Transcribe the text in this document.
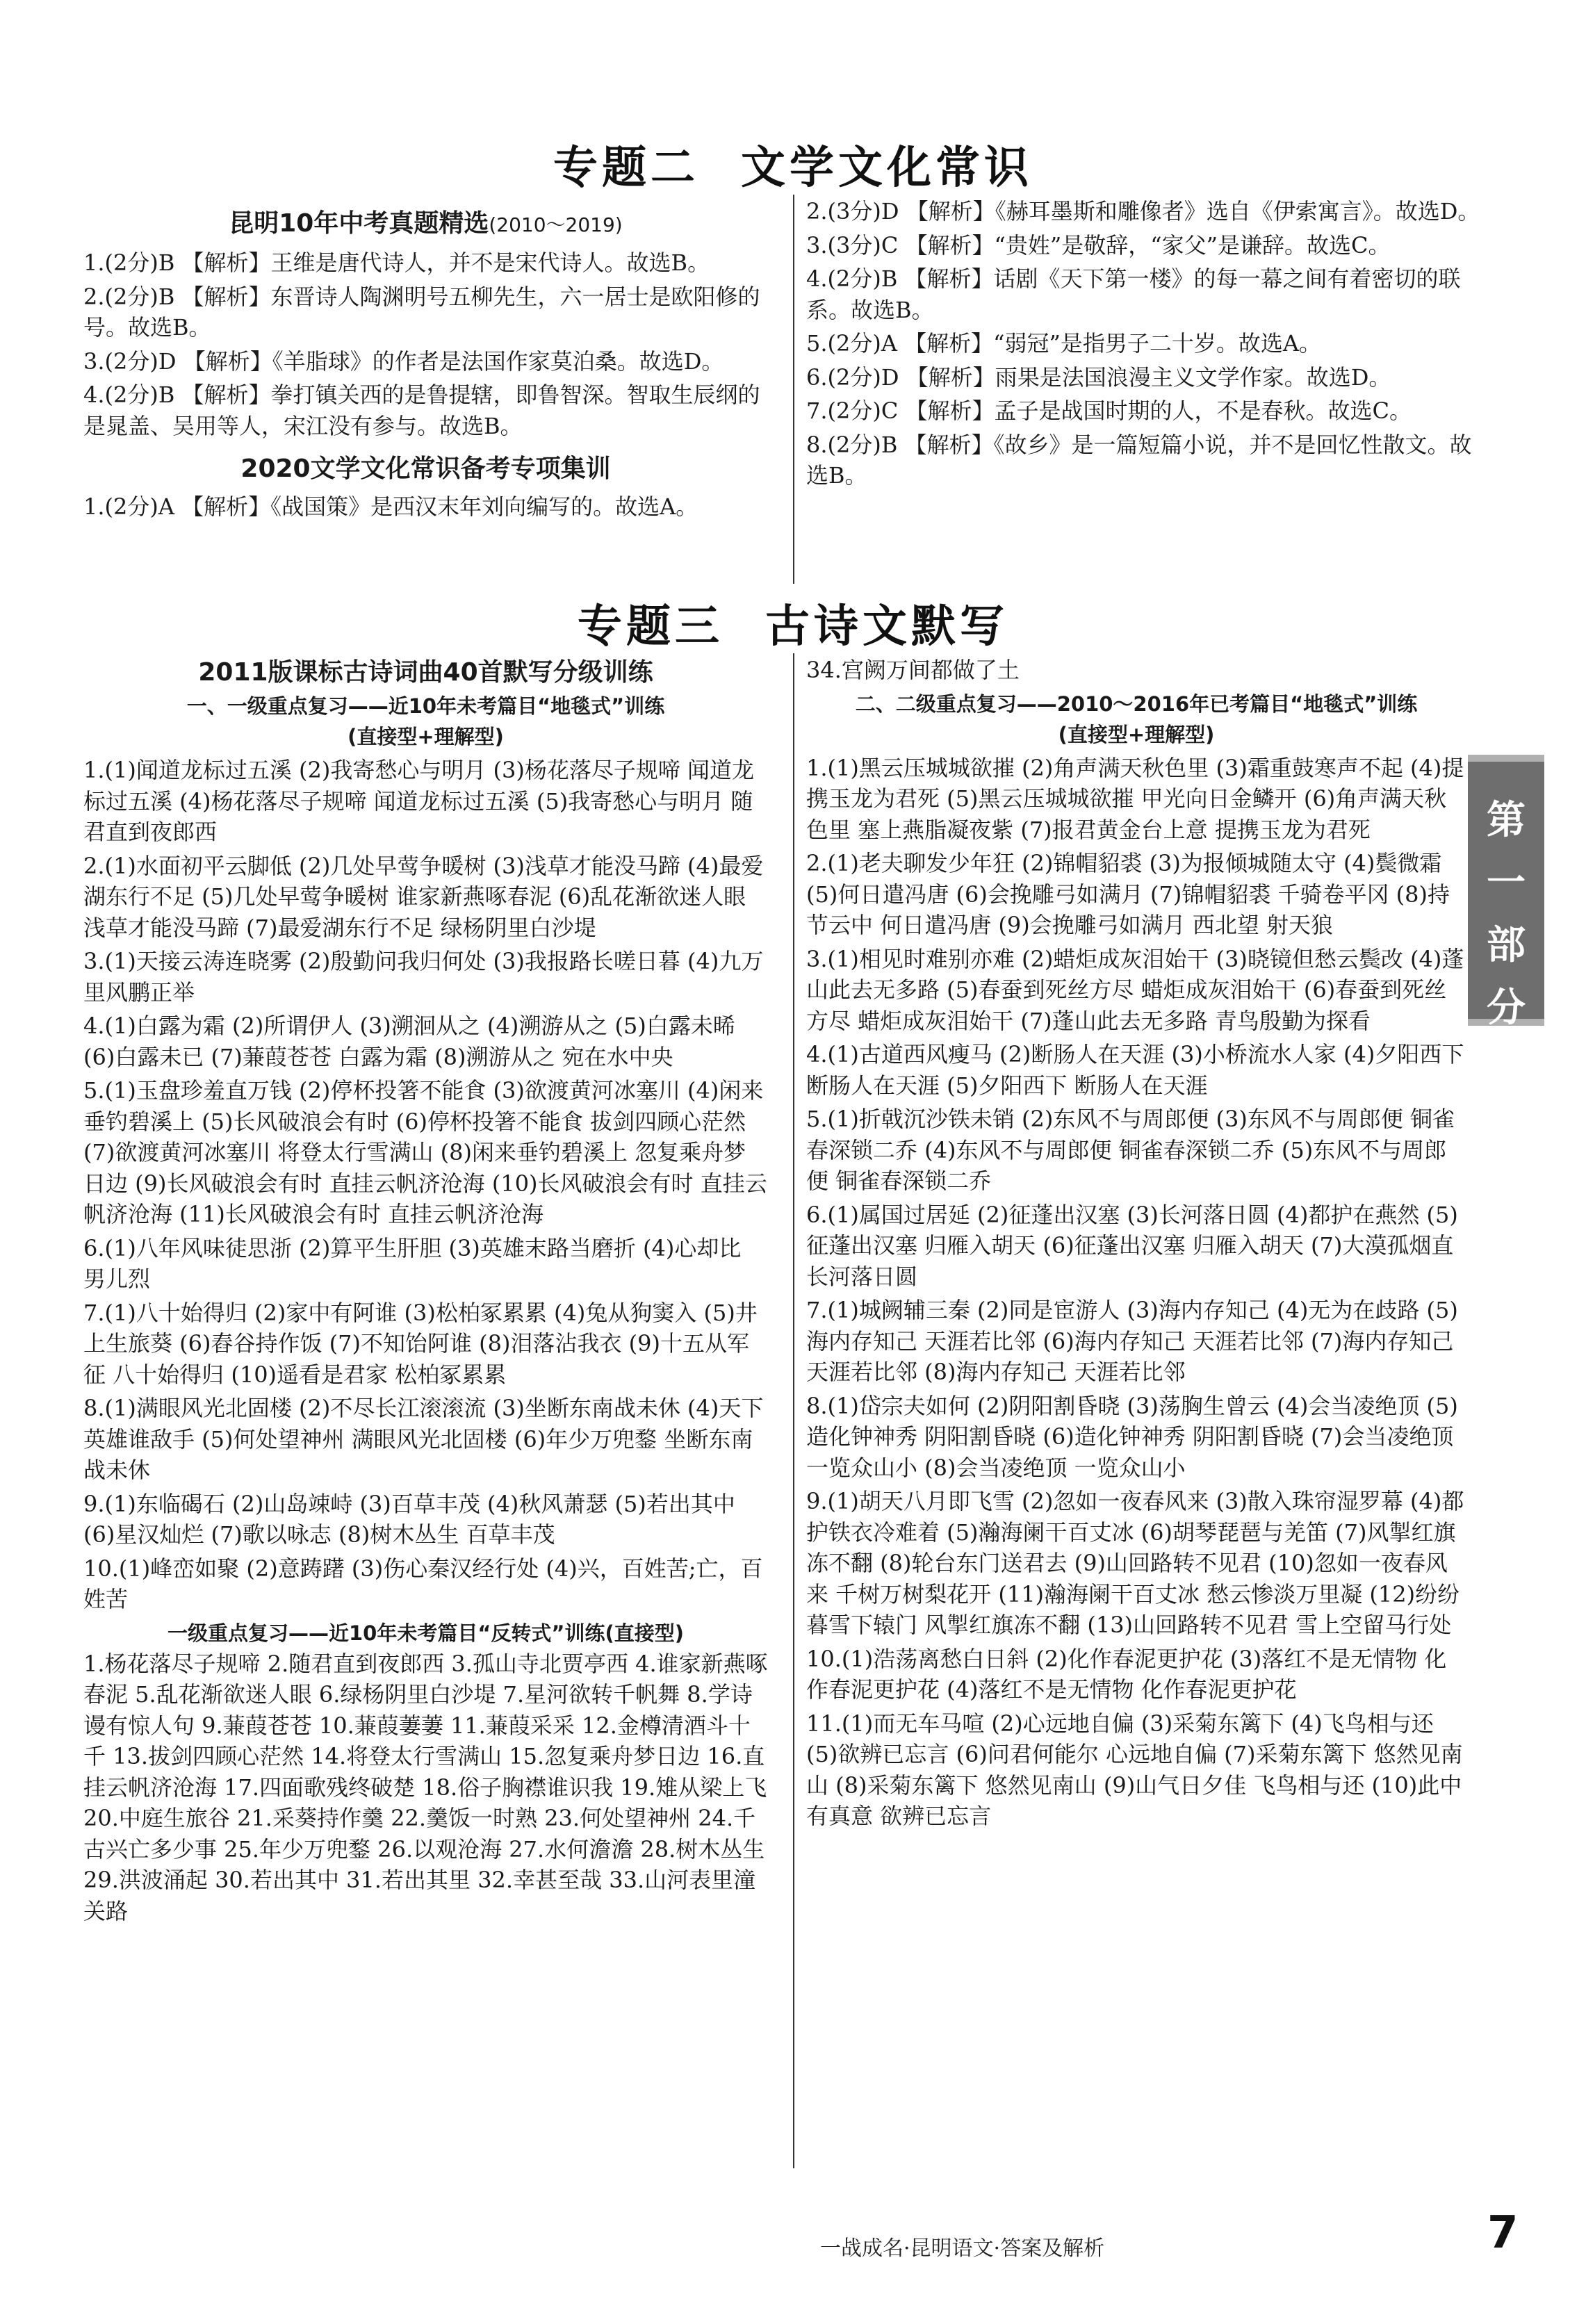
专题二 文学文化常识
昆明10年中考真题精选(2010～2019)

1.(2分)B 【解析】王维是唐代诗人，并不是宋代诗人。故选B。

2.(2分)B 【解析】东晋诗人陶渊明号五柳先生，六一居士是欧阳修的号。故选B。

3.(2分)D 【解析】《羊脂球》的作者是法国作家莫泊桑。故选D。

4.(2分)B 【解析】拳打镇关西的是鲁提辖，即鲁智深。智取生辰纲的是晁盖、吴用等人，宋江没有参与。故选B。

2020文学文化常识备考专项集训

1.(2分)A 【解析】《战国策》是西汉末年刘向编写的。故选A。

2.(3分)D 【解析】《赫耳墨斯和雕像者》选自《伊索寓言》。故选D。

3.(3分)C 【解析】“贵姓”是敬辞，“家父”是谦辞。故选C。

4.(2分)B 【解析】话剧《天下第一楼》的每一幕之间有着密切的联系。故选B。

5.(2分)A 【解析】“弱冠”是指男子二十岁。故选A。

6.(2分)D 【解析】雨果是法国浪漫主义文学作家。故选D。

7.(2分)C 【解析】孟子是战国时期的人，不是春秋。故选C。

8.(2分)B 【解析】《故乡》是一篇短篇小说，并不是回忆性散文。故选B。

专题三 古诗文默写
2011版课标古诗词曲40首默写分级训练
一、一级重点复习——近10年未考篇目“地毯式”训练
(直接型+理解型)

1.(1)闻道龙标过五溪 (2)我寄愁心与明月 (3)杨花落尽子规啼 闻道龙标过五溪 (4)杨花落尽子规啼 闻道龙标过五溪 (5)我寄愁心与明月 随君直到夜郎西

2.(1)水面初平云脚低 (2)几处早莺争暖树 (3)浅草才能没马蹄 (4)最爱湖东行不足 (5)几处早莺争暖树 谁家新燕啄春泥 (6)乱花渐欲迷人眼 浅草才能没马蹄 (7)最爱湖东行不足 绿杨阴里白沙堤

3.(1)天接云涛连晓雾 (2)殷勤问我归何处 (3)我报路长嗟日暮 (4)九万里风鹏正举

4.(1)白露为霜 (2)所谓伊人 (3)溯洄从之 (4)溯游从之 (5)白露未晞 (6)白露未已 (7)蒹葭苍苍 白露为霜 (8)溯游从之 宛在水中央

5.(1)玉盘珍羞直万钱 (2)停杯投箸不能食 (3)欲渡黄河冰塞川 (4)闲来垂钓碧溪上 (5)长风破浪会有时 (6)停杯投箸不能食 拔剑四顾心茫然 (7)欲渡黄河冰塞川 将登太行雪满山 (8)闲来垂钓碧溪上 忽复乘舟梦日边 (9)长风破浪会有时 直挂云帆济沧海 (10)长风破浪会有时 直挂云帆济沧海 (11)长风破浪会有时 直挂云帆济沧海

6.(1)八年风味徒思浙 (2)算平生肝胆 (3)英雄末路当磨折 (4)心却比 男儿烈

7.(1)八十始得归 (2)家中有阿谁 (3)松柏冢累累 (4)兔从狗窦入 (5)井上生旅葵 (6)舂谷持作饭 (7)不知饴阿谁 (8)泪落沾我衣 (9)十五从军征 八十始得归 (10)遥看是君家 松柏冢累累

8.(1)满眼风光北固楼 (2)不尽长江滚滚流 (3)坐断东南战未休 (4)天下英雄谁敌手 (5)何处望神州 满眼风光北固楼 (6)年少万兜鍪 坐断东南战未休

9.(1)东临碣石 (2)山岛竦峙 (3)百草丰茂 (4)秋风萧瑟 (5)若出其中 (6)星汉灿烂 (7)歌以咏志 (8)树木丛生 百草丰茂

10.(1)峰峦如聚 (2)意踌躇 (3)伤心秦汉经行处 (4)兴，百姓苦;亡，百姓苦

一级重点复习——近10年未考篇目“反转式”训练(直接型)

1.杨花落尽子规啼 2.随君直到夜郎西 3.孤山寺北贾亭西 4.谁家新燕啄春泥 5.乱花渐欲迷人眼 6.绿杨阴里白沙堤 7.星河欲转千帆舞 8.学诗谩有惊人句 9.蒹葭苍苍 10.蒹葭萋萋 11.蒹葭采采 12.金樽清酒斗十千 13.拔剑四顾心茫然 14.将登太行雪满山 15.忽复乘舟梦日边 16.直挂云帆济沧海 17.四面歌残终破楚 18.俗子胸襟谁识我 19.雉从梁上飞 20.中庭生旅谷 21.采葵持作羹 22.羹饭一时熟 23.何处望神州 24.千古兴亡多少事 25.年少万兜鍪 26.以观沧海 27.水何澹澹 28.树木丛生 29.洪波涌起 30.若出其中 31.若出其里 32.幸甚至哉 33.山河表里潼关路

34.宫阙万间都做了土

二、二级重点复习——2010～2016年已考篇目“地毯式”训练
(直接型+理解型)

1.(1)黑云压城城欲摧 (2)角声满天秋色里 (3)霜重鼓寒声不起 (4)提携玉龙为君死 (5)黑云压城城欲摧 甲光向日金鳞开 (6)角声满天秋色里 塞上燕脂凝夜紫 (7)报君黄金台上意 提携玉龙为君死

2.(1)老夫聊发少年狂 (2)锦帽貂裘 (3)为报倾城随太守 (4)鬓微霜 (5)何日遣冯唐 (6)会挽雕弓如满月 (7)锦帽貂裘 千骑卷平冈 (8)持节云中 何日遣冯唐 (9)会挽雕弓如满月 西北望 射天狼

3.(1)相见时难别亦难 (2)蜡炬成灰泪始干 (3)晓镜但愁云鬓改 (4)蓬山此去无多路 (5)春蚕到死丝方尽 蜡炬成灰泪始干 (6)春蚕到死丝方尽 蜡炬成灰泪始干 (7)蓬山此去无多路 青鸟殷勤为探看

4.(1)古道西风瘦马 (2)断肠人在天涯 (3)小桥流水人家 (4)夕阳西下 断肠人在天涯 (5)夕阳西下 断肠人在天涯

5.(1)折戟沉沙铁未销 (2)东风不与周郎便 (3)东风不与周郎便 铜雀春深锁二乔 (4)东风不与周郎便 铜雀春深锁二乔 (5)东风不与周郎便 铜雀春深锁二乔

6.(1)属国过居延 (2)征蓬出汉塞 (3)长河落日圆 (4)都护在燕然 (5)征蓬出汉塞 归雁入胡天 (6)征蓬出汉塞 归雁入胡天 (7)大漠孤烟直 长河落日圆

7.(1)城阙辅三秦 (2)同是宦游人 (3)海内存知己 (4)无为在歧路 (5)海内存知己 天涯若比邻 (6)海内存知己 天涯若比邻 (7)海内存知己 天涯若比邻 (8)海内存知己 天涯若比邻

8.(1)岱宗夫如何 (2)阴阳割昏晓 (3)荡胸生曾云 (4)会当凌绝顶 (5)造化钟神秀 阴阳割昏晓 (6)造化钟神秀 阴阳割昏晓 (7)会当凌绝顶 一览众山小 (8)会当凌绝顶 一览众山小

9.(1)胡天八月即飞雪 (2)忽如一夜春风来 (3)散入珠帘湿罗幕 (4)都护铁衣冷难着 (5)瀚海阑干百丈冰 (6)胡琴琵琶与羌笛 (7)风掣红旗冻不翻 (8)轮台东门送君去 (9)山回路转不见君 (10)忽如一夜春风来 千树万树梨花开 (11)瀚海阑干百丈冰 愁云惨淡万里凝 (12)纷纷暮雪下辕门 风掣红旗冻不翻 (13)山回路转不见君 雪上空留马行处

10.(1)浩荡离愁白日斜 (2)化作春泥更护花 (3)落红不是无情物 化作春泥更护花 (4)落红不是无情物 化作春泥更护花

11.(1)而无车马喧 (2)心远地自偏 (3)采菊东篱下 (4)飞鸟相与还 (5)欲辨已忘言 (6)问君何能尔 心远地自偏 (7)采菊东篱下 悠然见南山 (8)采菊东篱下 悠然见南山 (9)山气日夕佳 飞鸟相与还 (10)此中有真意 欲辨已忘言

第一部分
第
一
部
分
一战成名·昆明语文·答案及解析	7
